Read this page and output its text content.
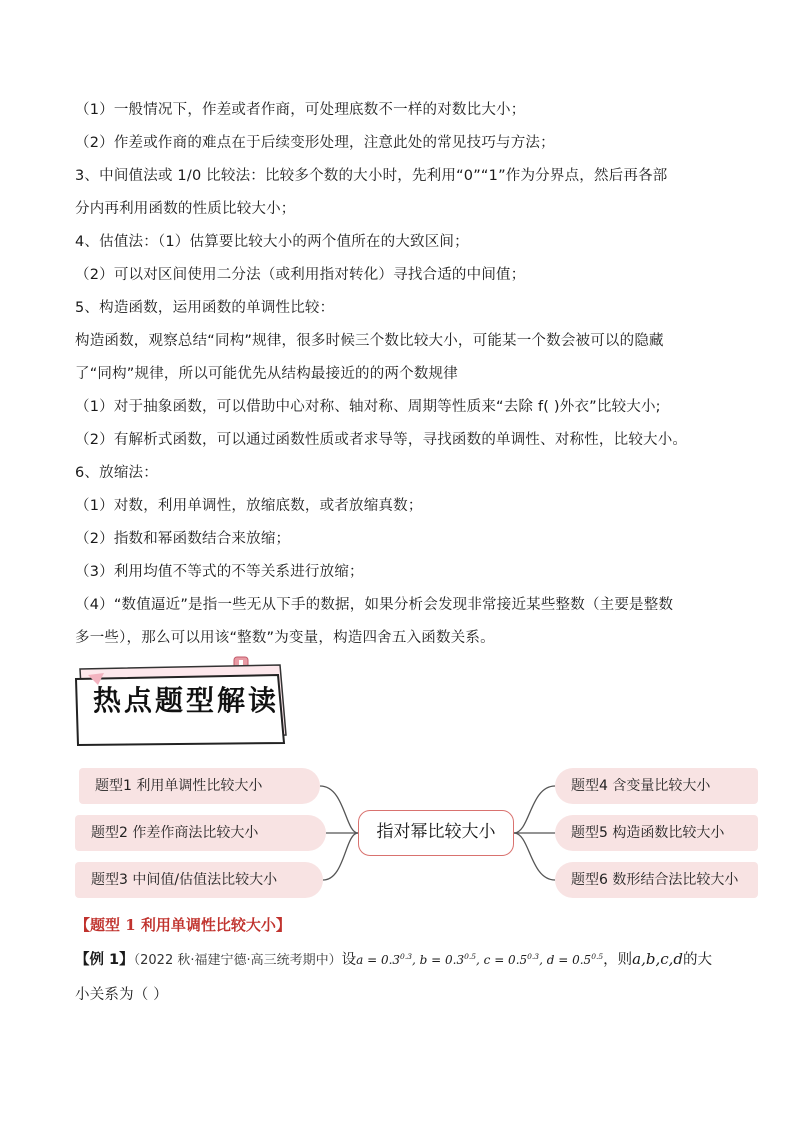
（1）一般情况下，作差或者作商，可处理底数不一样的对数比大小；
（2）作差或作商的难点在于后续变形处理，注意此处的常见技巧与方法；
3、中间值法或 1/0 比较法：比较多个数的大小时，先利用“0”“1”作为分界点，然后再各部
分内再利用函数的性质比较大小；
4、估值法：（1）估算要比较大小的两个值所在的大致区间；
（2）可以对区间使用二分法（或利用指对转化）寻找合适的中间值；
5、构造函数，运用函数的单调性比较：
构造函数，观察总结“同构”规律，很多时候三个数比较大小，可能某一个数会被可以的隐藏
了“同构”规律，所以可能优先从结构最接近的的两个数规律
（1）对于抽象函数，可以借助中心对称、轴对称、周期等性质来“去除 f( )外衣”比较大小;
（2）有解析式函数，可以通过函数性质或者求导等，寻找函数的单调性、对称性，比较大小。
6、放缩法：
（1）对数，利用单调性，放缩底数，或者放缩真数；
（2）指数和幂函数结合来放缩；
（3）利用均值不等式的不等关系进行放缩；
（4）“数值逼近”是指一些无从下手的数据，如果分析会发现非常接近某些整数（主要是整数
多一些），那么可以用该“整数”为变量，构造四舍五入函数关系。
热点题型解读
题型1 利用单调性比较大小
题型2 作差作商法比较大小
题型3 中间值/估值法比较大小
指对幂比较大小
题型4 含变量比较大小
题型5 构造函数比较大小
题型6 数形结合法比较大小
【题型 1 利用单调性比较大小】
【例 1】（2022 秋·福建宁德·高三统考期中）设$a = 0.3^{0.3}$, $b = 0.3^{0.5}$, $c = 0.5^{0.3}$, $d = 0.5^{0.5}$，则a,b,c,d的大
小关系为（ ）
